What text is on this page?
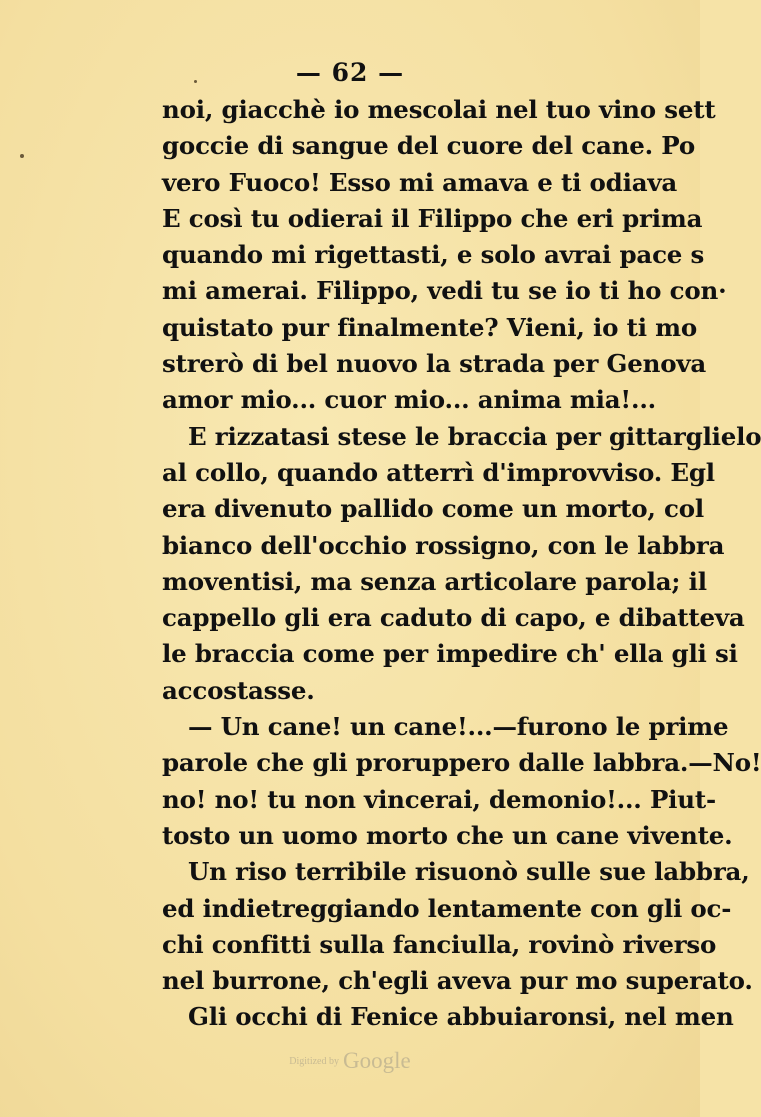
— 62 —
noi, giacchè io mescolai nel tuo vino sett
goccie di sangue del cuore del cane. Po
vero Fuoco! Esso mi amava e ti odiava
E così tu odierai il Filippo che eri prima
quando mi rigettasti, e solo avrai pace s
mi amerai. Filippo, vedi tu se io ti ho con·
quistato pur finalmente? Vieni, io ti mo
strerò di bel nuovo la strada per Genova
amor mio... cuor mio... anima mia!...
E rizzatasi stese le braccia per gittarglielo
al collo, quando atterrì d'improvviso. Egl
era divenuto pallido come un morto, col
bianco dell'occhio rossigno, con le labbra
moventisi, ma senza articolare parola; il
cappello gli era caduto di capo, e dibatteva
le braccia come per impedire ch' ella gli si
accostasse.
— Un cane! un cane!...—furono le prime
parole che gli proruppero dalle labbra.—No!
no! no! tu non vincerai, demonio!... Piut-
tosto un uomo morto che un cane vivente.
Un riso terribile risuonò sulle sue labbra,
ed indietreggiando lentamente con gli oc-
chi confitti sulla fanciulla, rovinò riverso
nel burrone, ch'egli aveva pur mo superato.
Gli occhi di Fenice abbuiaronsi, nel men
Digitized by Google
